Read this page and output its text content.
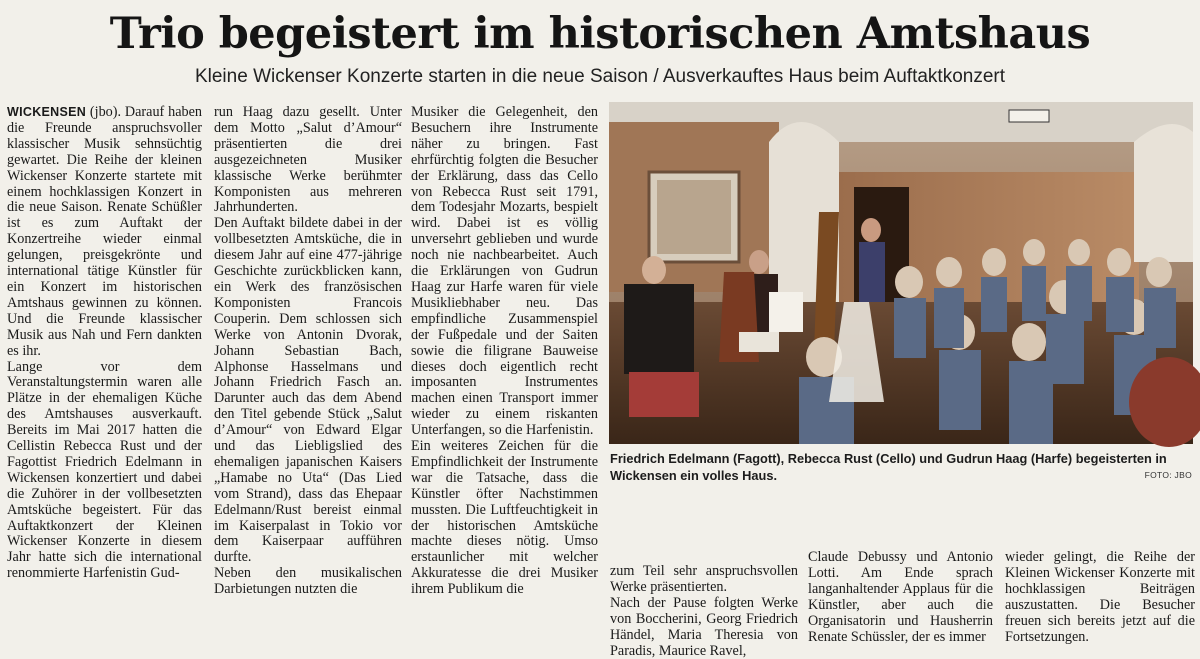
Trio begeistert im historischen Amtshaus
Kleine Wickenser Konzerte starten in die neue Saison / Ausverkauftes Haus beim Auftaktkonzert

WICKENSEN (jbo). Darauf haben die Freunde anspruchsvoller klassischer Musik sehnsüchtig gewartet. Die Reihe der kleinen Wickenser Konzerte startete mit einem hochklassigen Konzert in die neue Saison. Renate Schüßler ist es zum Auftakt der Konzertreihe wieder einmal gelungen, preisgekrönte und international tätige Künstler für ein Konzert im historischen Amtshaus gewinnen zu können. Und die Freunde klassischer Musik aus Nah und Fern dankten es ihr.

Lange vor dem Veranstaltungstermin waren alle Plätze in der ehemaligen Küche des Amtshauses ausverkauft. Bereits im Mai 2017 hatten die Cellistin Rebecca Rust und der Fagottist Friedrich Edelmann in Wickensen konzertiert und dabei die Zuhörer in der vollbesetzten Amtsküche begeistert. Für das Auftaktkonzert der Kleinen Wickenser Konzerte in diesem Jahr hatte sich die international renommierte Harfenistin Gud-

run Haag dazu gesellt. Unter dem Motto „Salut d’Amour“ präsentierten die drei ausgezeichneten Musiker klassische Werke berühmter Komponisten aus mehreren Jahrhunderten.

Den Auftakt bildete dabei in der vollbesetzten Amtsküche, die in diesem Jahr auf eine 477-jährige Geschichte zurückblicken kann, ein Werk des französischen Komponisten Francois Couperin. Dem schlossen sich Werke von Antonin Dvorak, Johann Sebastian Bach, Alphonse Hasselmans und Johann Friedrich Fasch an. Darunter auch das dem Abend den Titel gebende Stück „Salut d’Amour“ von Edward Elgar und das Liebligslied des ehemaligen japanischen Kaisers „Hamabe no Uta“ (Das Lied vom Strand), dass das Ehepaar Edelmann/Rust bereist einmal im Kaiserpalast in Tokio vor dem Kaiserpaar aufführen durfte.

Neben den musikalischen Darbietungen nutzten die

Musiker die Gelegenheit, den Besuchern ihre Instrumente näher zu bringen. Fast ehrfürchtig folgten die Besucher der Erklärung, dass das Cello von Rebecca Rust seit 1791, dem Todesjahr Mozarts, bespielt wird. Dabei ist es völlig unversehrt geblieben und wurde noch nie nachbearbeitet. Auch die Erklärungen von Gudrun Haag zur Harfe waren für viele Musikliebhaber neu. Das empfindliche Zusammenspiel der Fußpedale und der Saiten sowie die filigrane Bauweise dieses doch eigentlich recht imposanten Instrumentes machen einen Transport immer wieder zu einem riskanten Unterfangen, so die Harfenistin.

Ein weiteres Zeichen für die Empfindlichkeit der Instrumente war die Tatsache, dass die Künstler öfter Nachstimmen mussten. Die Luftfeuchtigkeit in der historischen Amtsküche machte dieses nötig. Umso erstaunlicher mit welcher Akkuratesse die drei Musiker ihrem Publikum die

Friedrich Edelmann (Fagott), Rebecca Rust (Cello) und Gudrun Haag (Harfe) begeisterten in Wickensen ein volles Haus.	FOTO: JBO

zum Teil sehr anspruchsvollen Werke präsentierten.

Nach der Pause folgten Werke von Boccherini, Georg Friedrich Händel, Maria Theresia von Paradis, Maurice Ravel,

Claude Debussy und Antonio Lotti. Am Ende sprach langanhaltender Applaus für die Künstler, aber auch die Organisatorin und Hausherrin Renate Schüssler, der es immer

wieder gelingt, die Reihe der Kleinen Wickenser Konzerte mit hochklassigen Beiträgen auszustatten. Die Besucher freuen sich bereits jetzt auf die Fortsetzungen.
